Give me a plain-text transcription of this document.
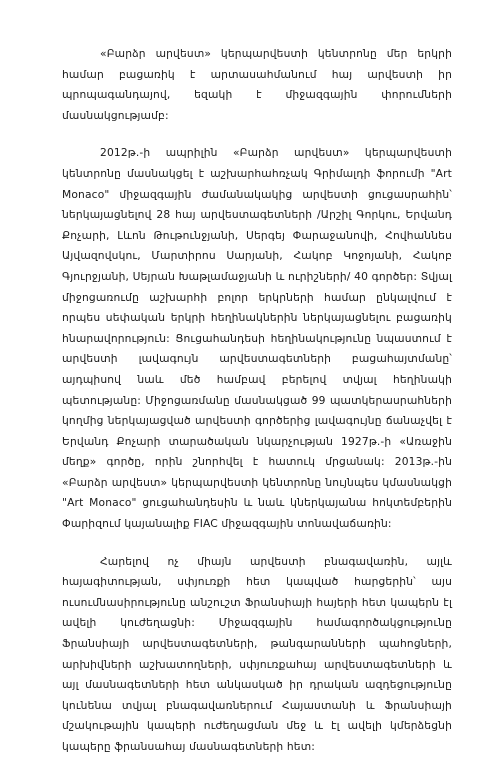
«Բարձր արվեստ» կերպարվեստի կենտրոնը մեր երկրի համար բացառիկ է արտասահմանում հայ արվեստի իր պրոպագանդայով, եզակի է միջազգային փորումների մասնակցությամբ:

2012թ.-ի ապրիլին «Բարձր արվեստ» կերպարվեստի կենտրոնը մասնակցել է աշխարհահռչակ Գրիմալդի ֆորումի "Art Monaco" միջազգային ժամանակակից արվեստի ցուցասրահին՝ ներկայացնելով 28 հայ արվեստագետների /Արշիլ Գորկու, Երվանդ Քոչարի, Լևոն Թութունջյանի, Սերգեյ Փարաջանովի, Հովհաննես Այվազովսկու, Մարտիրոս Սարյանի, Հակոբ Կոջոյանի, Հակոբ Գյուրջյանի, Սեյրան Խաթլամաջյանի և ուրիշների/ 40 գործեր: Տվյալ միջոցառումը աշխարհի բոլոր երկրների համար ընկալվում է որպես սեփական երկրի հեղինակներին ներկայացնելու բացառիկ հնարավորություն: Ցուցահանդեսի հեղինակությունը նպաստում է արվեստի լավագույն արվեստագետների բացահայտմանը՝ այդպիսով նաև մեծ համբավ բերելով տվյալ հեղինակի պետությանը: Միջոցառմանը մասնակցած 99 պատկերասրահների կողմից ներկայացված արվեստի գործերից լավագույնը ճանաչվել է Երվանդ Քոչարի տարածական նկարչության 1927թ.-ի «Առաջին մեղք» գործը, որին շնորհվել է հատուկ մրցանակ: 2013թ.-ին «Բարձր արվեստ» կերպարվեստի կենտրոնը նույնպես կմասնակցի "Art Monaco" ցուցահանդեսին և նաև կներկայանա հոկտեմբերին Փարիզում կայանալիք FIAC միջազգային տոնավաճառին:

Հարելով ոչ միայն արվեստի բնագավառին, այլև հայագիտության, սփյուռքի հետ կապված հարցերին՝ այս ուսումնասիրությունը անշուշտ Ֆրանսիայի հայերի հետ կապերն էլ ավելի կուժեղացնի: Միջազգային համագործակցությունը Ֆրանսիայի արվեստագետների, թանգարանների պահոցների, արխիվների աշխատողների, սփյուռքահայ արվեստագետների և այլ մասնագետների հետ անկասկած իր դրական ազդեցությունը կունենա տվյալ բնագավառներում Հայաստանի և Ֆրանսիայի մշակութային կապերի ուժեղացման մեջ և էլ ավելի կմերձեցնի կապերը ֆրանսահայ մասնագետների հետ:
